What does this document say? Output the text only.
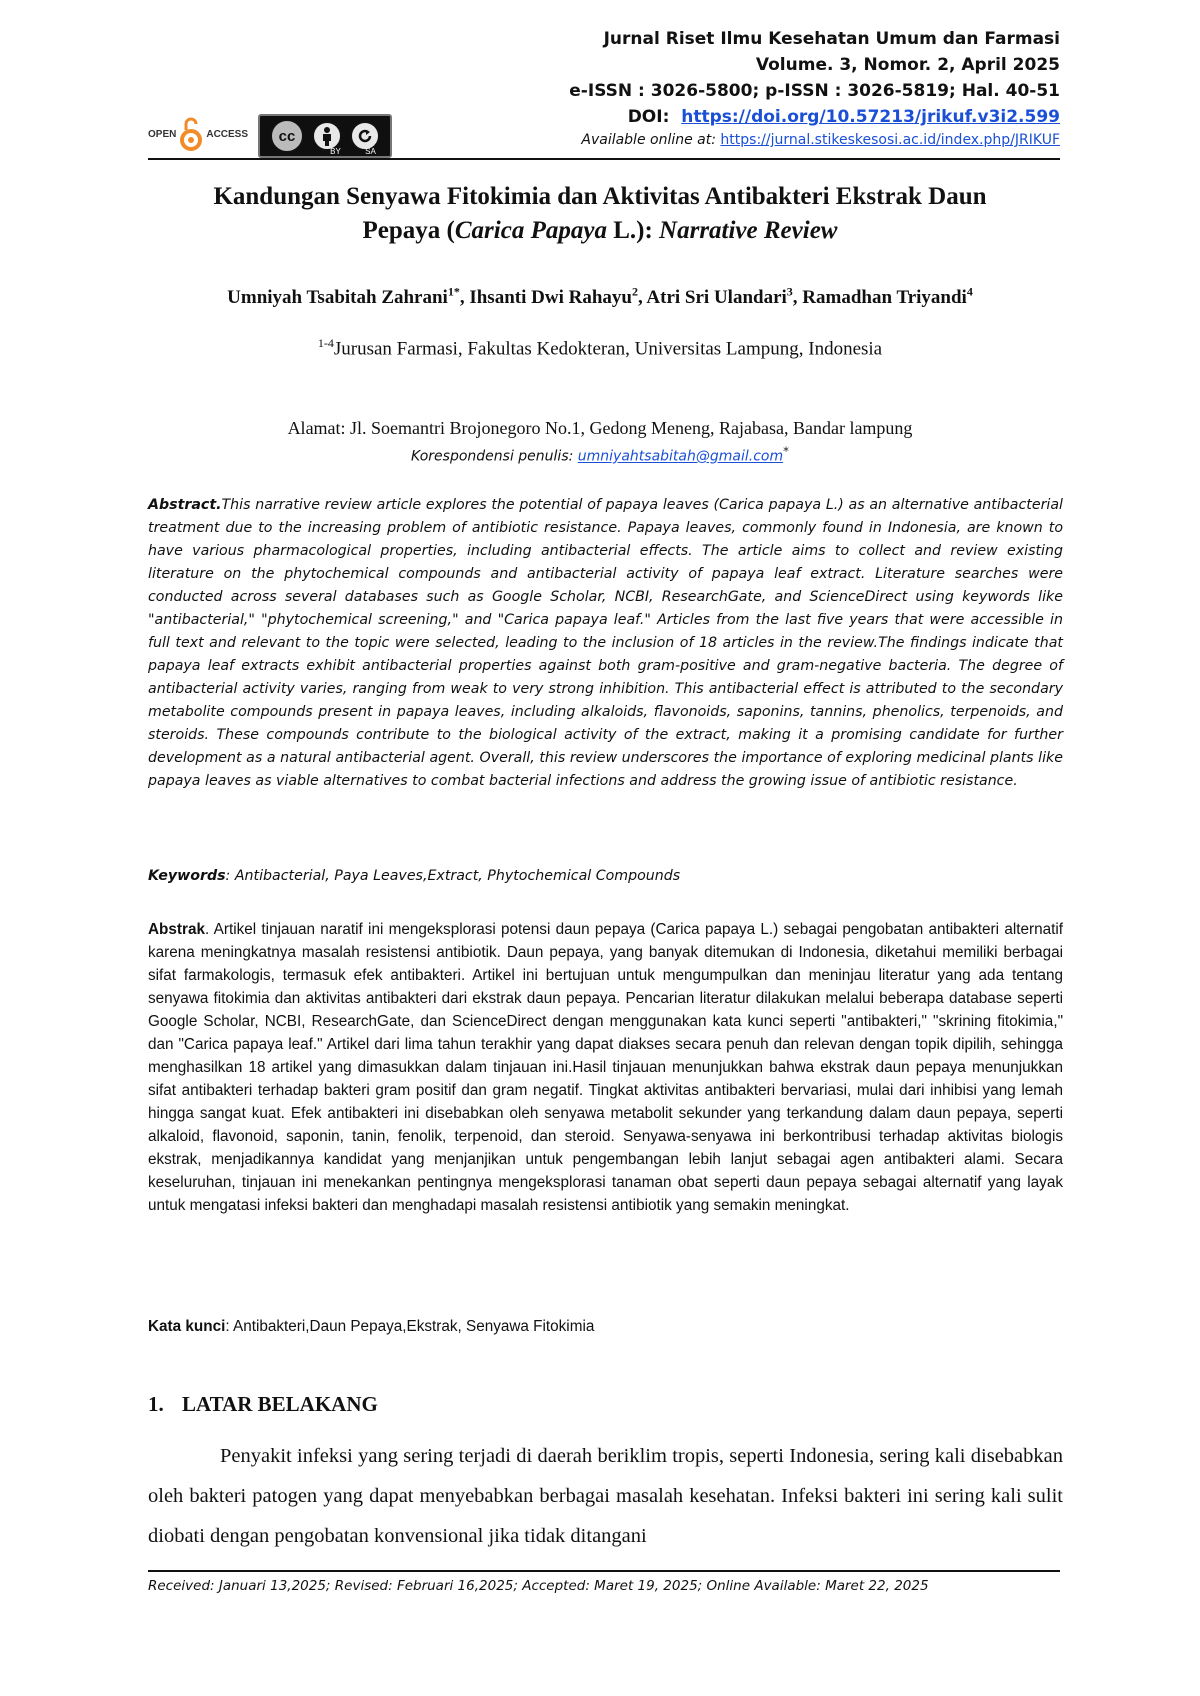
Jurnal Riset Ilmu Kesehatan Umum dan Farmasi
Volume. 3, Nomor. 2, April 2025
e-ISSN : 3026-5800; p-ISSN : 3026-5819; Hal. 40-51
DOI: https://doi.org/10.57213/jrikuf.v3i2.599
Available online at: https://jurnal.stikeskesosi.ac.id/index.php/JRIKUF
OPEN	ACCESS	cc
BY	SA
Kandungan Senyawa Fitokimia dan Aktivitas Antibakteri Ekstrak Daun
Pepaya (Carica Papaya L.): Narrative Review
Umniyah Tsabitah Zahrani$^{1*}$, Ihsanti Dwi Rahayu$^2$, Atri Sri Ulandari$^3$, Ramadhan Triyandi$^4$
$^{1-4}$Jurusan Farmasi, Fakultas Kedokteran, Universitas Lampung, Indonesia
Alamat: Jl. Soemantri Brojonegoro No.1, Gedong Meneng, Rajabasa, Bandar lampung
Korespondensi penulis: umniyahtsabitah@gmail.com*
Abstract.This narrative review article explores the potential of papaya leaves (Carica papaya L.) as an alternative antibacterial treatment due to the increasing problem of antibiotic resistance. Papaya leaves, commonly found in Indonesia, are known to have various pharmacological properties, including antibacterial effects. The article aims to collect and review existing literature on the phytochemical compounds and antibacterial activity of papaya leaf extract. Literature searches were conducted across several databases such as Google Scholar, NCBI, ResearchGate, and ScienceDirect using keywords like "antibacterial," "phytochemical screening," and "Carica papaya leaf." Articles from the last five years that were accessible in full text and relevant to the topic were selected, leading to the inclusion of 18 articles in the review.The findings indicate that papaya leaf extracts exhibit antibacterial properties against both gram-positive and gram-negative bacteria. The degree of antibacterial activity varies, ranging from weak to very strong inhibition. This antibacterial effect is attributed to the secondary metabolite compounds present in papaya leaves, including alkaloids, flavonoids, saponins, tannins, phenolics, terpenoids, and steroids. These compounds contribute to the biological activity of the extract, making it a promising candidate for further development as a natural antibacterial agent. Overall, this review underscores the importance of exploring medicinal plants like papaya leaves as viable alternatives to combat bacterial infections and address the growing issue of antibiotic resistance.
Keywords: Antibacterial, Paya Leaves,Extract, Phytochemical Compounds
Abstrak. Artikel tinjauan naratif ini mengeksplorasi potensi daun pepaya (Carica papaya L.) sebagai pengobatan antibakteri alternatif karena meningkatnya masalah resistensi antibiotik. Daun pepaya, yang banyak ditemukan di Indonesia, diketahui memiliki berbagai sifat farmakologis, termasuk efek antibakteri. Artikel ini bertujuan untuk mengumpulkan dan meninjau literatur yang ada tentang senyawa fitokimia dan aktivitas antibakteri dari ekstrak daun pepaya. Pencarian literatur dilakukan melalui beberapa database seperti Google Scholar, NCBI, ResearchGate, dan ScienceDirect dengan menggunakan kata kunci seperti "antibakteri," "skrining fitokimia," dan "Carica papaya leaf." Artikel dari lima tahun terakhir yang dapat diakses secara penuh dan relevan dengan topik dipilih, sehingga menghasilkan 18 artikel yang dimasukkan dalam tinjauan ini.Hasil tinjauan menunjukkan bahwa ekstrak daun pepaya menunjukkan sifat antibakteri terhadap bakteri gram positif dan gram negatif. Tingkat aktivitas antibakteri bervariasi, mulai dari inhibisi yang lemah hingga sangat kuat. Efek antibakteri ini disebabkan oleh senyawa metabolit sekunder yang terkandung dalam daun pepaya, seperti alkaloid, flavonoid, saponin, tanin, fenolik, terpenoid, dan steroid. Senyawa-senyawa ini berkontribusi terhadap aktivitas biologis ekstrak, menjadikannya kandidat yang menjanjikan untuk pengembangan lebih lanjut sebagai agen antibakteri alami. Secara keseluruhan, tinjauan ini menekankan pentingnya mengeksplorasi tanaman obat seperti daun pepaya sebagai alternatif yang layak untuk mengatasi infeksi bakteri dan menghadapi masalah resistensi antibiotik yang semakin meningkat.
Kata kunci: Antibakteri,Daun Pepaya,Ekstrak, Senyawa Fitokimia
1. LATAR BELAKANG
Penyakit infeksi yang sering terjadi di daerah beriklim tropis, seperti Indonesia, sering kali disebabkan oleh bakteri patogen yang dapat menyebabkan berbagai masalah kesehatan. Infeksi bakteri ini sering kali sulit diobati dengan pengobatan konvensional jika tidak ditangani
Received: Januari 13,2025; Revised: Februari 16,2025; Accepted: Maret 19, 2025; Online Available: Maret 22, 2025
